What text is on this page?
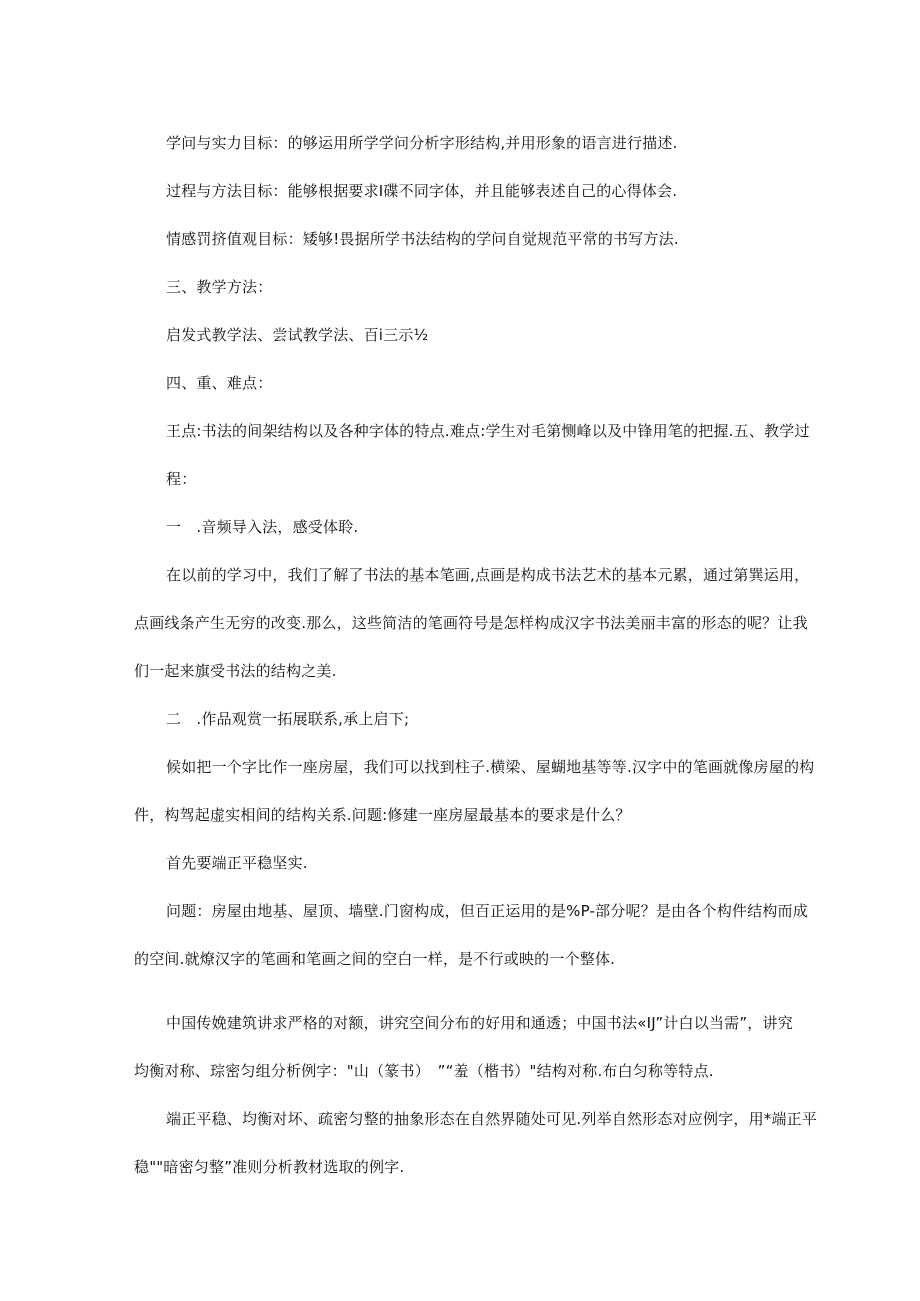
学问与实力目标：的够运用所学学问分析字形结构,并用形象的语言进行描述.
过程与方法目标：能够根据要求I碟不同字体，并且能够表述自己的心得体会.
情感罚挤值观目标：矮够!畏据所学书法结构的学问自觉规范平常的书写方法.
三、教学方法：
启发式教学法、尝试教学法、百i三示½
四、重、难点：
王点:书法的间架结构以及各种字体的特点.难点:学生对毛第恻峰以及中锋用笔的把握.五、教学过
程：
一　.音频导入法，感受体聆.
在以前的学习中，我们了解了书法的基本笔画,点画是构成书法艺术的基本元累，通过第巽运用，
点画线条产生无穷的改变.那么，这些简洁的笔画符号是怎样构成汉字书法美丽丰富的形态的呢？让我
们一起来旗受书法的结构之美.
二　.作品观赏一拓展联系,承上启下;
候如把一个字比作一座房屋，我们可以找到柱子.横梁、屋蝴地基等等.汉字中的笔画就像房屋的构
件，构驾起虚实相间的结构关系.问题:修建一座房屋最基本的要求是什么？
首先要端正平稳坚实.
问题：房屋由地基、屋顶、墙壁.门窗构成，但百正运用的是%P-部分呢？是由各个构件结构而成
的空间.就燎汉字的笔画和笔画之间的空白一样，是不行或映的一个整体.
中国传娩建筑讲求严格的对额，讲究空间分布的好用和通透；中国书法«IJ”计白以当需”，讲究
均衡对称、琮密匀组分析例字："山（篆书）　”“羞（楷书）"结构对称.布白匀称等特点.
端正平稳、均衡对坏、疏密匀整的抽象形态在自然界随处可见.列举自然形态对应例字，用*端正平
稳""暗密匀整”准则分析教材选取的例字.
